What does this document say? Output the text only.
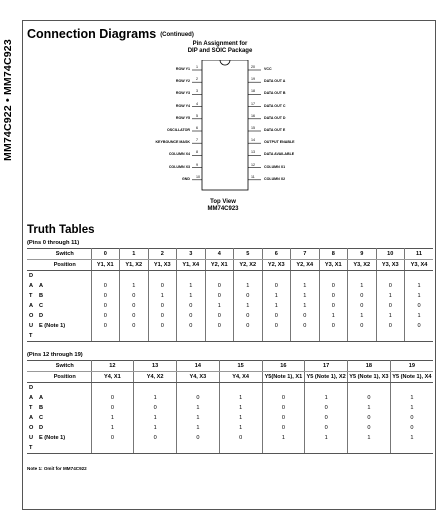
MM74C922 • MM74C923
Connection Diagrams (Continued)
Pin Assignment for
DIP and SOIC Package
ROW Y1 1
ROW Y2 2
ROW Y3 3
ROW Y4 4
ROW Y5 5
OSCILLATOR 6
KEYBOUNCE MASK 7
COLUMN X4 8
COLUMN X3 9
GND 10
20	VCC
19	DATA OUT A
18	DATA OUT B
17	DATA OUT C
16	DATA OUT D
15	DATA OUT E
14	OUTPUT ENABLE
13	DATA AVAILABLE
12	COLUMN X1
11	COLUMN X2
Top View
MM74C923
Truth Tables
(Pins 0 through 11)
	Switch	0	1	2	3	4	5	6	7	8	9	10	11
	Position	Y1, X1	Y1, X2	Y1, X3	Y1, X4	Y2, X1	Y2, X2	Y2, X3	Y2, X4	Y3, X1	Y3, X2	Y3, X3	Y3, X4
D													
A	A	0	1	0	1	0	1	0	1	0	1	0	1
T	B	0	0	1	1	0	0	1	1	0	0	1	1
A	C	0	0	0	0	1	1	1	1	0	0	0	0
O	D	0	0	0	0	0	0	0	0	1	1	1	1
U	E (Note 1)	0	0	0	0	0	0	0	0	0	0	0	0
T													
(Pins 12 through 19)
	Switch	12	13	14	15	16	17	18	19
	Position	Y4, X1	Y4, X2	Y4, X3	Y4, X4	Y5(Note 1), X1	Y5 (Note 1), X2	Y5 (Note 1), X3	Y5 (Note 1), X4
D									
A	A	0	1	0	1	0	1	0	1
T	B	0	0	1	1	0	0	1	1
A	C	1	1	1	1	0	0	0	0
O	D	1	1	1	1	0	0	0	0
U	E (Note 1)	0	0	0	0	1	1	1	1
T									
Note 1: Omit for MM74C922
